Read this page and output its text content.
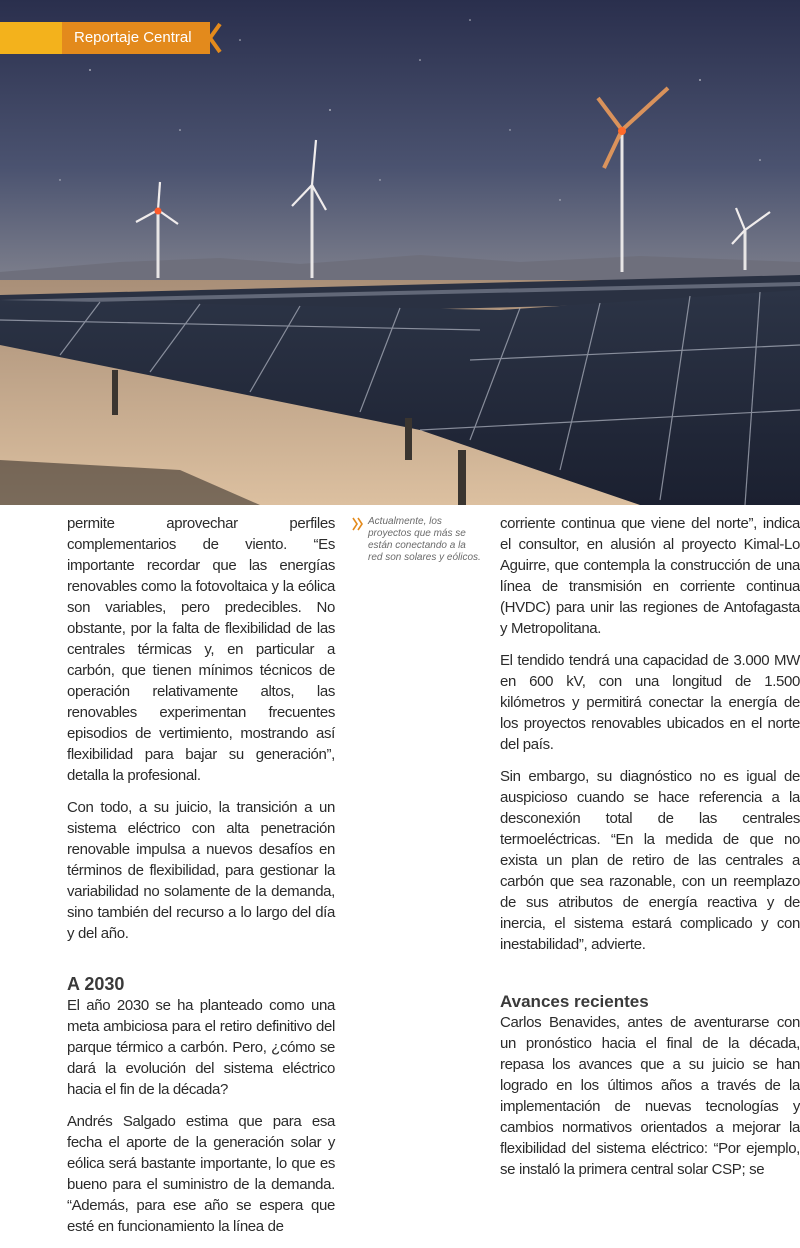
Reportaje Central

permite aprovechar perfiles complementarios de viento. “Es importante recordar que las energías renovables como la fotovoltaica y la eólica son variables, pero predecibles. No obstante, por la falta de flexibilidad de las centrales térmicas y, en particular a carbón, que tienen mínimos técnicos de operación relativamente altos, las renovables experimentan frecuentes episodios de vertimiento, mostrando así flexibilidad para bajar su generación”, detalla la profesional.

Con todo, a su juicio, la transición a un sistema eléctrico con alta penetración renovable impulsa a nuevos desafíos en términos de flexibilidad, para gestionar la variabilidad no solamente de la demanda, sino también del recurso a lo largo del día y del año.

A 2030

El año 2030 se ha planteado como una meta ambiciosa para el retiro definitivo del parque térmico a carbón. Pero, ¿cómo se dará la evolución del sistema eléctrico hacia el fin de la década?

Andrés Salgado estima que para esa fecha el aporte de la generación solar y eólica será bastante importante, lo que es bueno para el suministro de la demanda. “Además, para ese año se espera que esté en funcionamiento la línea de

Actualmente, los proyectos que más se están conectando a la red son solares y eólicos.

corriente continua que viene del norte”, indica el consultor, en alusión al proyecto Kimal-Lo Aguirre, que contempla la construcción de una línea de transmisión en corriente continua (HVDC) para unir las regiones de Antofagasta y Metropolitana.

El tendido tendrá una capacidad de 3.000 MW en 600 kV, con una longitud de 1.500 kilómetros y permitirá conectar la energía de los proyectos renovables ubicados en el norte del país.

Sin embargo, su diagnóstico no es igual de auspicioso cuando se hace referencia a la desconexión total de las centrales termoeléctricas. “En la medida de que no exista un plan de retiro de las centrales a carbón que sea razonable, con un reemplazo de sus atributos de energía reactiva y de inercia, el sistema estará complicado y con inestabilidad”, advierte.

Avances recientes

Carlos Benavides, antes de aventurarse con un pronóstico hacia el final de la década, repasa los avances que a su juicio se han logrado en los últimos años a través de la implementación de nuevas tecnologías y cambios normativos orientados a mejorar la flexibilidad del sistema eléctrico: “Por ejemplo, se instaló la primera central solar CSP; se
